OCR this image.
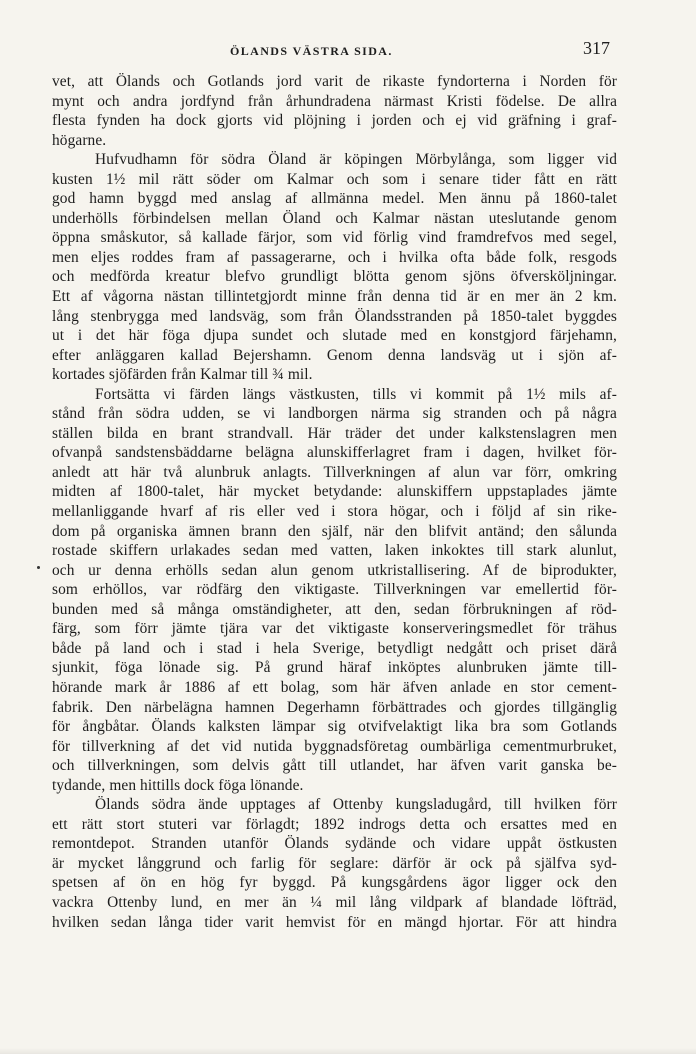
ÖLANDS VÄSTRA SIDA.	317
vet, att Ölands och Gotlands jord varit de rikaste fyndorterna i Norden för
mynt och andra jordfynd från århundradena närmast Kristi födelse. De allra
flesta fynden ha dock gjorts vid plöjning i jorden och ej vid gräfning i graf-
högarne.
Hufvudhamn för södra Öland är köpingen Mörbylånga, som ligger vid
kusten 1½ mil rätt söder om Kalmar och som i senare tider fått en rätt
god hamn byggd med anslag af allmänna medel. Men ännu på 1860-talet
underhölls förbindelsen mellan Öland och Kalmar nästan uteslutande genom
öppna småskutor, så kallade färjor, som vid förlig vind framdrefvos med segel,
men eljes roddes fram af passagerarne, och i hvilka ofta både folk, resgods
och medförda kreatur blefvo grundligt blötta genom sjöns öfversköljningar.
Ett af vågorna nästan tillintetgjordt minne från denna tid är en mer än 2 km.
lång stenbrygga med landsväg, som från Ölandsstranden på 1850-talet byggdes
ut i det här föga djupa sundet och slutade med en konstgjord färjehamn,
efter anläggaren kallad Bejershamn. Genom denna landsväg ut i sjön af-
kortades sjöfärden från Kalmar till ¾ mil.
Fortsätta vi färden längs västkusten, tills vi kommit på 1½ mils af-
stånd från södra udden, se vi landborgen närma sig stranden och på några
ställen bilda en brant strandvall. Här träder det under kalkstenslagren men
ofvanpå sandstensbäddarne belägna alunskifferlagret fram i dagen, hvilket för-
anledt att här två alunbruk anlagts. Tillverkningen af alun var förr, omkring
midten af 1800-talet, här mycket betydande: alunskiffern uppstaplades jämte
mellanliggande hvarf af ris eller ved i stora högar, och i följd af sin rike-
dom på organiska ämnen brann den själf, när den blifvit antänd; den sålunda
rostade skiffern urlakades sedan med vatten, laken inkoktes till stark alunlut,
och ur denna erhölls sedan alun genom utkristallisering. Af de biprodukter,
som erhöllos, var rödfärg den viktigaste. Tillverkningen var emellertid för-
bunden med så många omständigheter, att den, sedan förbrukningen af röd-
färg, som förr jämte tjära var det viktigaste konserveringsmedlet för trähus
både på land och i stad i hela Sverige, betydligt nedgått och priset därå
sjunkit, föga lönade sig. På grund häraf inköptes alunbruken jämte till-
hörande mark år 1886 af ett bolag, som här äfven anlade en stor cement-
fabrik. Den närbelägna hamnen Degerhamn förbättrades och gjordes tillgänglig
för ångbåtar. Ölands kalksten lämpar sig otvifvelaktigt lika bra som Gotlands
för tillverkning af det vid nutida byggnadsföretag oumbärliga cementmurbruket,
och tillverkningen, som delvis gått till utlandet, har äfven varit ganska be-
tydande, men hittills dock föga lönande.
Ölands södra ände upptages af Ottenby kungsladugård, till hvilken förr
ett rätt stort stuteri var förlagdt; 1892 indrogs detta och ersattes med en
remontdepot. Stranden utanför Ölands sydände och vidare uppåt östkusten
är mycket långgrund och farlig för seglare: därför är ock på själfva syd-
spetsen af ön en hög fyr byggd. På kungsgårdens ägor ligger ock den
vackra Ottenby lund, en mer än ¼ mil lång vildpark af blandade löfträd,
hvilken sedan långa tider varit hemvist för en mängd hjortar. För att hindra
